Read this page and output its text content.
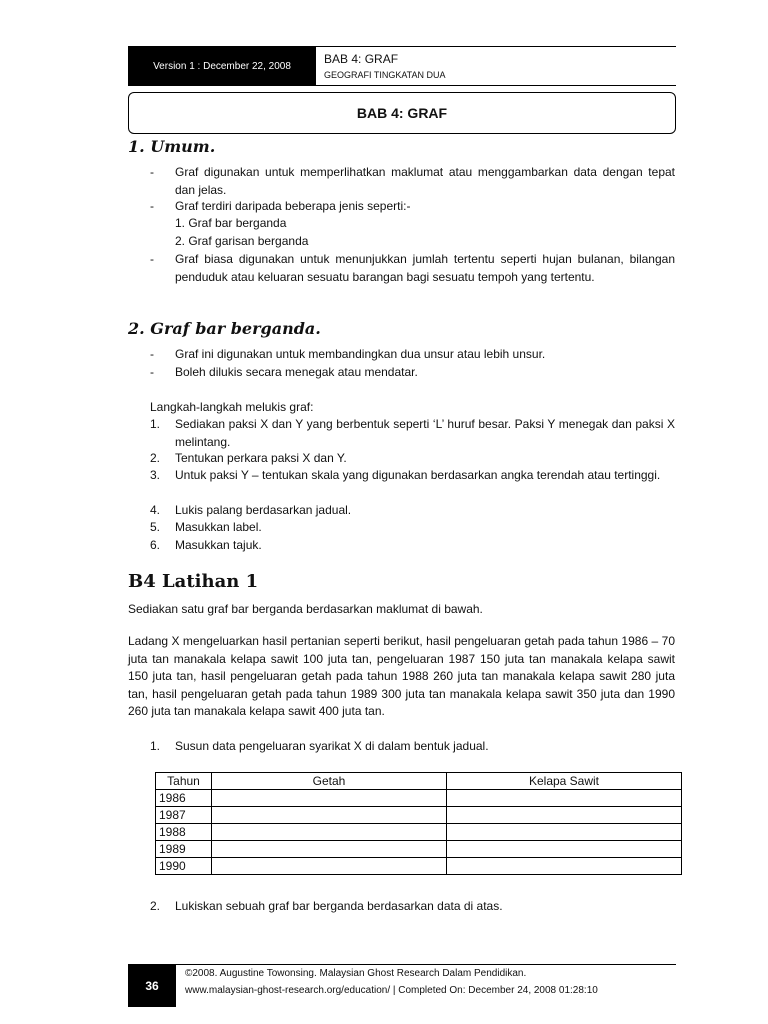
Version 1 : December 22, 2008	BAB 4: GRAF
GEOGRAFI TINGKATAN DUA
BAB 4: GRAF
1. Umum.
- Graf digunakan untuk memperlihatkan maklumat atau menggambarkan data dengan tepat dan jelas.
- Graf terdiri daripada beberapa jenis seperti:-
1. Graf bar berganda
2. Graf garisan berganda
- Graf biasa digunakan untuk menunjukkan jumlah tertentu seperti hujan bulanan, bilangan penduduk atau keluaran sesuatu barangan bagi sesuatu tempoh yang tertentu.
2. Graf bar berganda.
- Graf ini digunakan untuk membandingkan dua unsur atau lebih unsur.
- Boleh dilukis secara menegak atau mendatar.
Langkah-langkah melukis graf:
1. Sediakan paksi X dan Y yang berbentuk seperti ‘L’ huruf besar. Paksi Y menegak dan paksi X melintang.
2. Tentukan perkara paksi X dan Y.
3. Untuk paksi Y – tentukan skala yang digunakan berdasarkan angka terendah atau tertinggi.
4. Lukis palang berdasarkan jadual.
5. Masukkan label.
6. Masukkan tajuk.
B4 Latihan 1
Sediakan satu graf bar berganda berdasarkan maklumat di bawah.
Ladang X mengeluarkan hasil pertanian seperti berikut, hasil pengeluaran getah pada tahun 1986 – 70 juta tan manakala kelapa sawit 100 juta tan, pengeluaran 1987 150 juta tan manakala kelapa sawit 150 juta tan, hasil pengeluaran getah pada tahun 1988 260 juta tan manakala kelapa sawit 280 juta tan, hasil pengeluaran getah pada tahun 1989 300 juta tan manakala kelapa sawit 350 juta dan 1990 260 juta tan manakala kelapa sawit 400 juta tan.
1. Susun data pengeluaran syarikat X di dalam bentuk jadual.
Tahun	Getah	Kelapa Sawit
1986		
1987		
1988		
1989		
1990		
2. Lukiskan sebuah graf bar berganda berdasarkan data di atas.
36
©2008. Augustine Towonsing. Malaysian Ghost Research Dalam Pendidikan.
www.malaysian-ghost-research.org/education/ | Completed On: December 24, 2008 01:28:10
